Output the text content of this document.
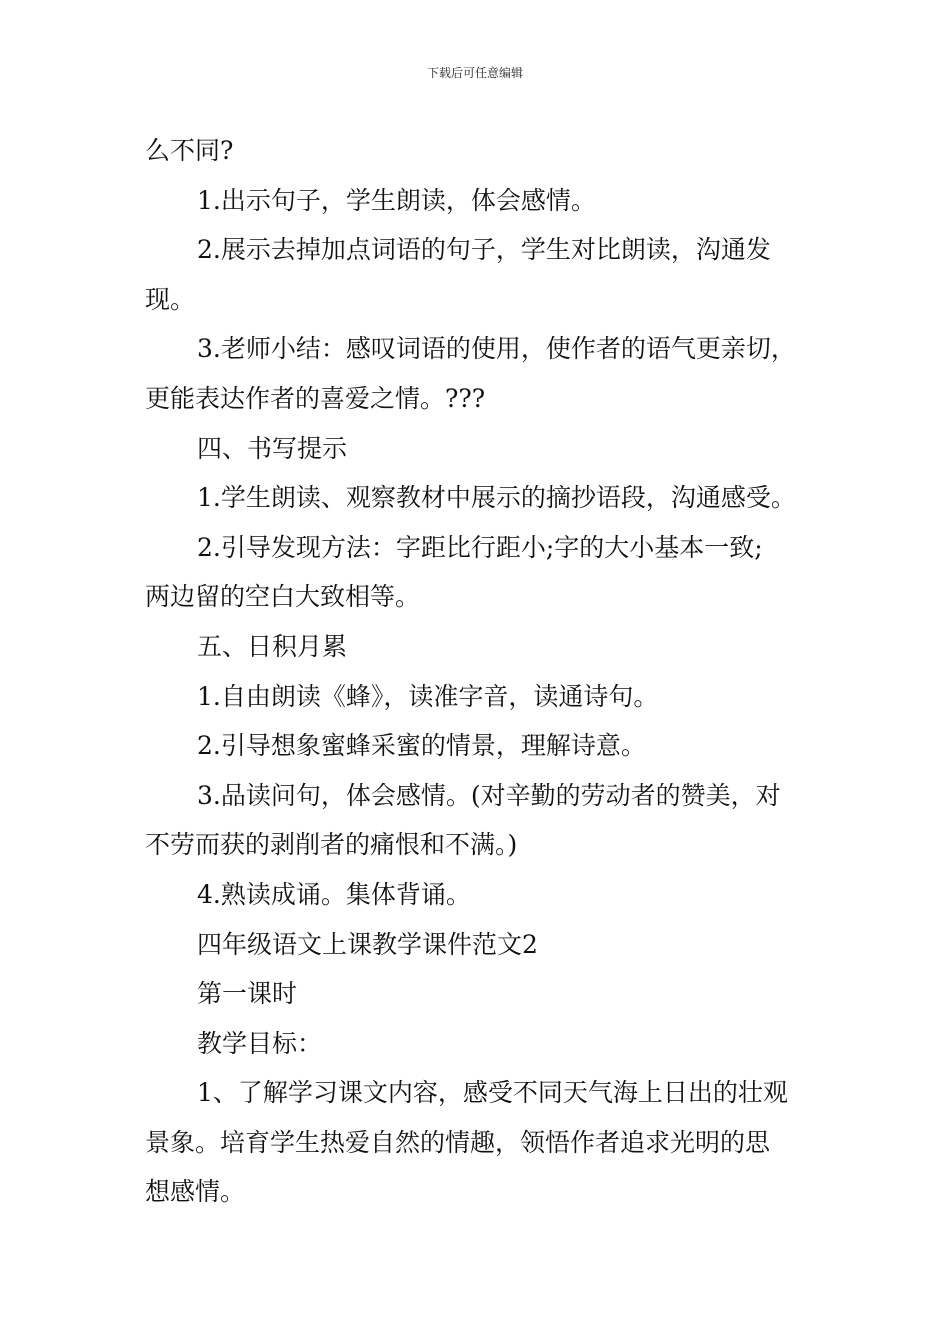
下载后可任意编辑
么不同?
1.出示句子，学生朗读，体会感情。
2.展示去掉加点词语的句子，学生对比朗读，沟通发
现。
3.老师小结：感叹词语的使用，使作者的语气更亲切，
更能表达作者的喜爱之情。???
四、书写提示
1.学生朗读、观察教材中展示的摘抄语段，沟通感受。
2.引导发现方法：字距比行距小;字的大小基本一致;
两边留的空白大致相等。
五、日积月累
1.自由朗读《蜂》，读准字音，读通诗句。
2.引导想象蜜蜂采蜜的情景，理解诗意。
3.品读问句，体会感情。(对辛勤的劳动者的赞美，对
不劳而获的剥削者的痛恨和不满。)
4.熟读成诵。集体背诵。
四年级语文上课教学课件范文2
第一课时
教学目标：
1、了解学习课文内容，感受不同天气海上日出的壮观
景象。培育学生热爱自然的情趣，领悟作者追求光明的思
想感情。
